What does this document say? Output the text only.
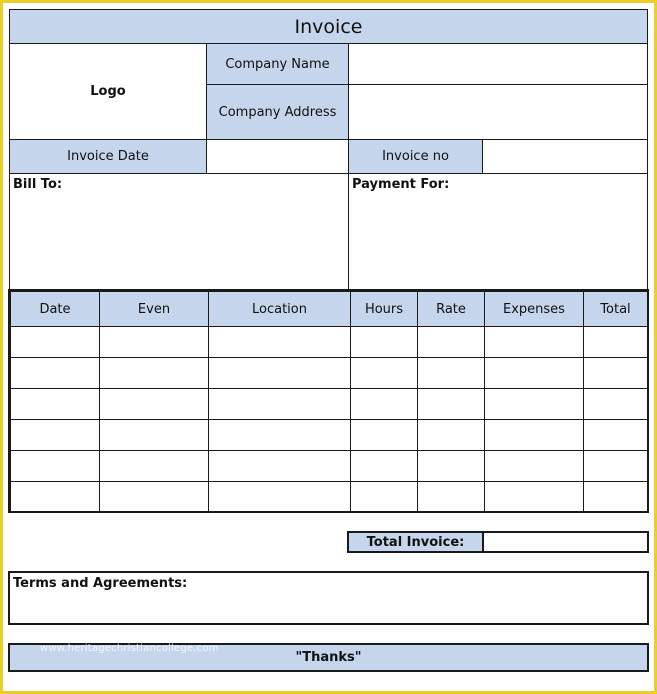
Invoice
Logo
Company Name
Company Address
Invoice Date	Invoice no
Bill To:	Payment For:
Date	Even	Location	Hours	Rate	Expenses	Total
Total Invoice:
Terms and Agreements:
"Thanks"
www.heritagechristiancollege.com
